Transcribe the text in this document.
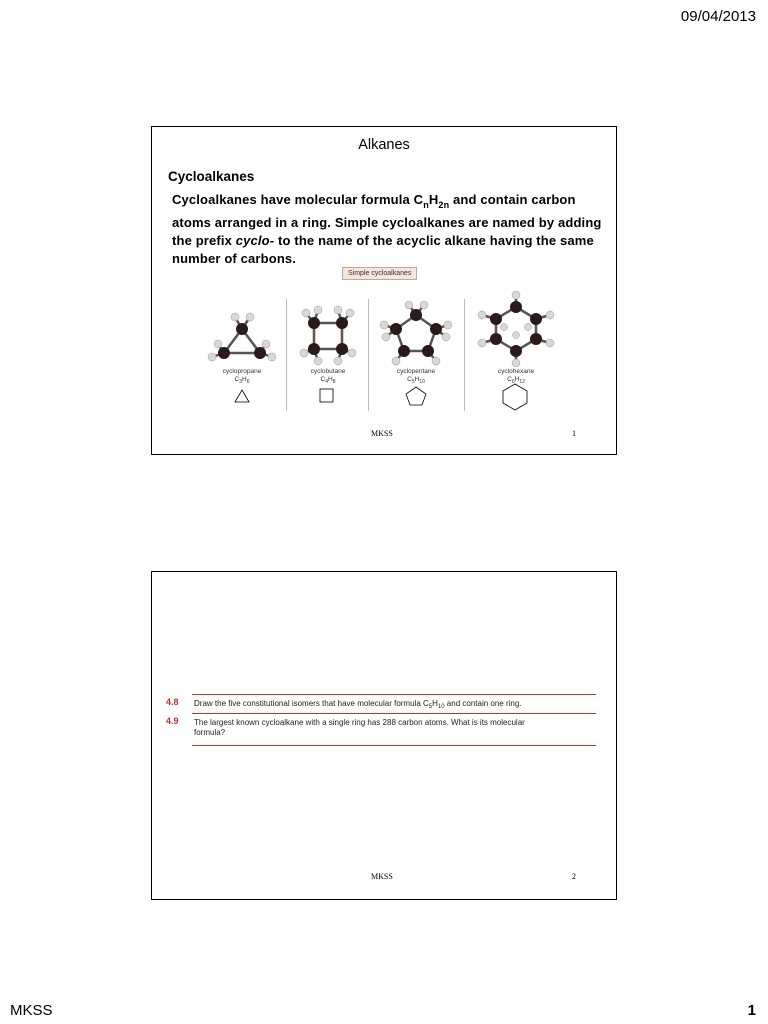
09/04/2013
Alkanes
Cycloalkanes
Cycloalkanes have molecular formula $C_nH_{2n}$ and contain carbon atoms arranged in a ring. Simple cycloalkanes are named by adding the prefix cyclo- to the name of the acyclic alkane having the same number of carbons.
Simple cycloalkanes
cyclopropane
$C_3H_6$
cyclobutane
$C_4H_8$
cyclopentane
$C_5H_{10}$
cyclohexane
$C_6H_{12}$
MKSS	1
4.8 Draw the five constitutional isomers that have molecular formula $C_5H_{10}$ and contain one ring.
4.9 The largest known cycloalkane with a single ring has 288 carbon atoms. What is its molecular
formula?
MKSS	2
MKSS	1
